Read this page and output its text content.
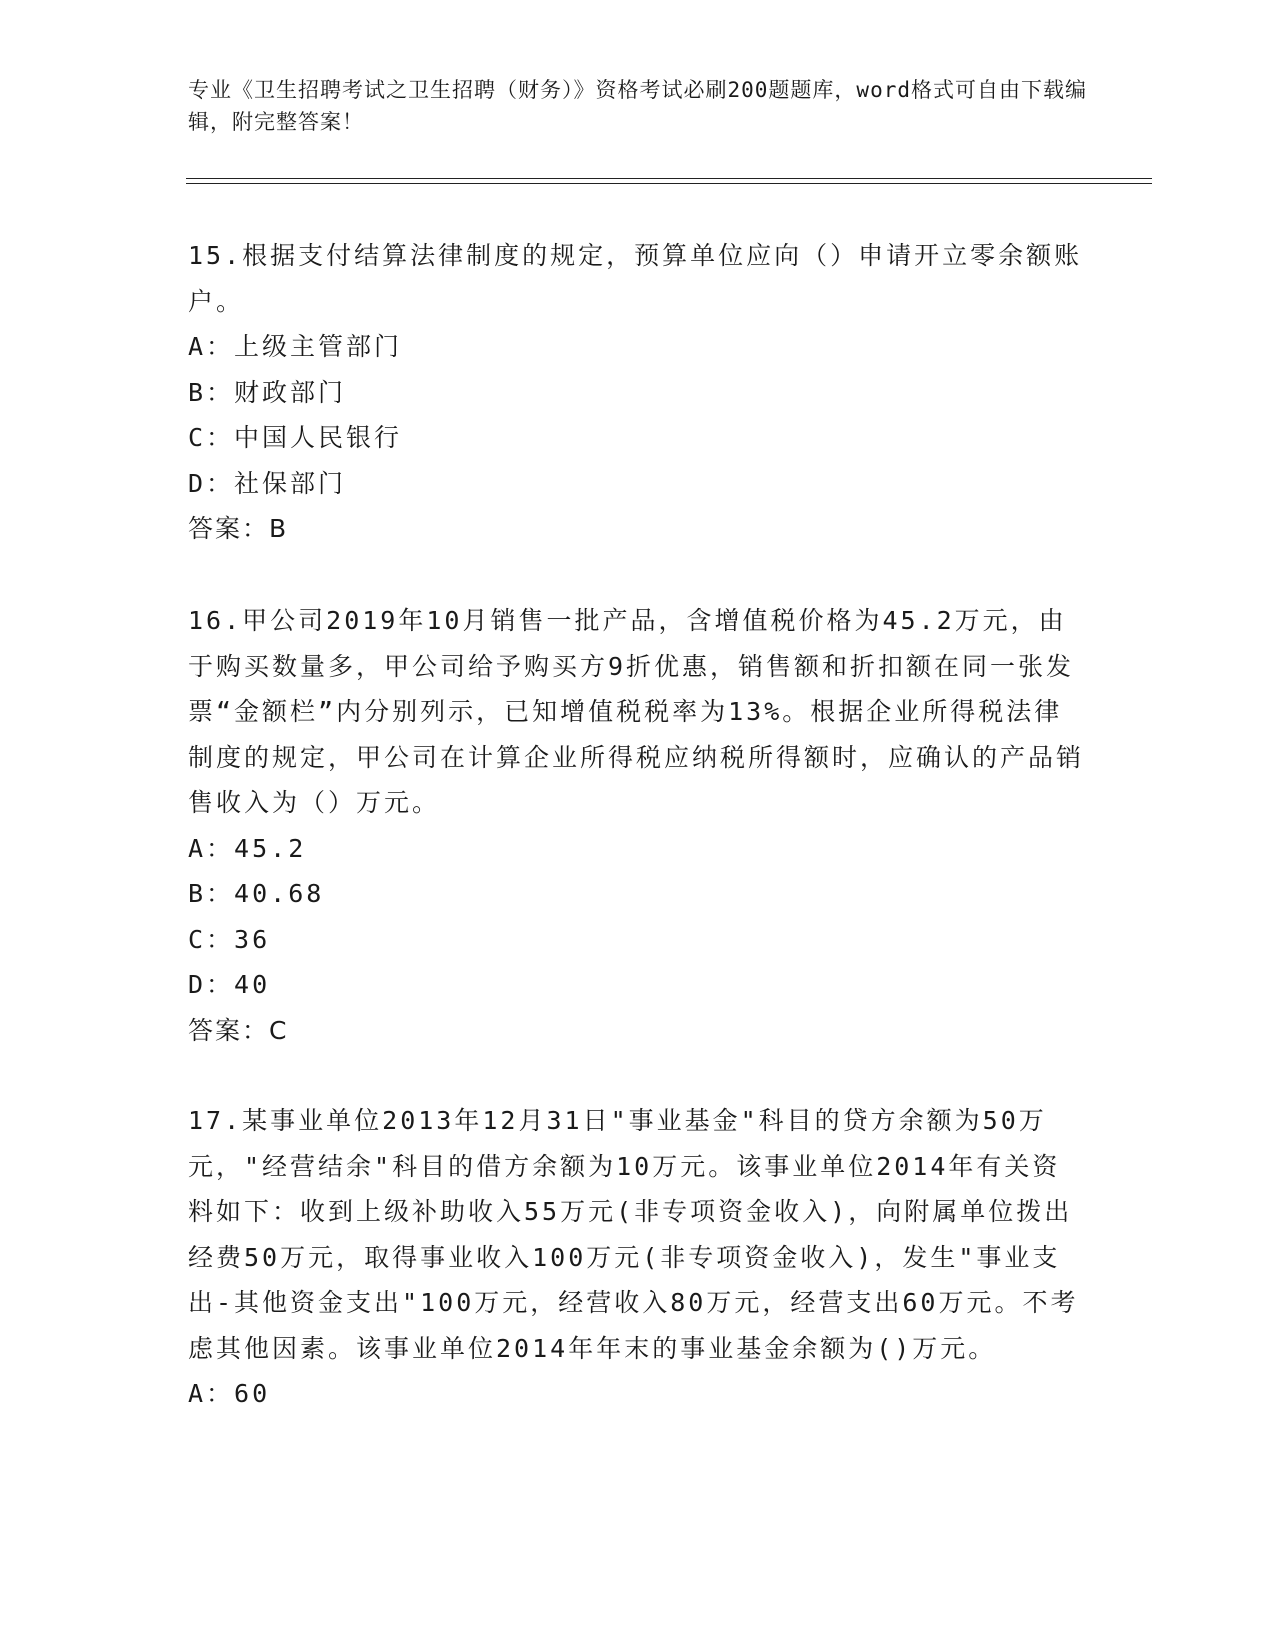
专业《卫生招聘考试之卫生招聘（财务）》资格考试必刷200题题库，word格式可自由下载编辑，附完整答案！

15.根据支付结算法律制度的规定，预算单位应向（）申请开立零余额账户。

A：上级主管部门

B：财政部门

C：中国人民银行

D：社保部门

答案：B

16.甲公司2019年10月销售一批产品，含增值税价格为45.2万元，由于购买数量多，甲公司给予购买方9折优惠，销售额和折扣额在同一张发票“金额栏”内分别列示，已知增值税税率为13%。根据企业所得税法律制度的规定，甲公司在计算企业所得税应纳税所得额时，应确认的产品销售收入为（）万元。

A：45.2

B：40.68

C：36

D：40

答案：C

17.某事业单位2013年12月31日"事业基金"科目的贷方余额为50万元，"经营结余"科目的借方余额为10万元。该事业单位2014年有关资料如下：收到上级补助收入55万元(非专项资金收入)，向附属单位拨出经费50万元，取得事业收入100万元(非专项资金收入)，发生"事业支出-其他资金支出"100万元，经营收入80万元，经营支出60万元。不考虑其他因素。该事业单位2014年年末的事业基金余额为()万元。

A：60
